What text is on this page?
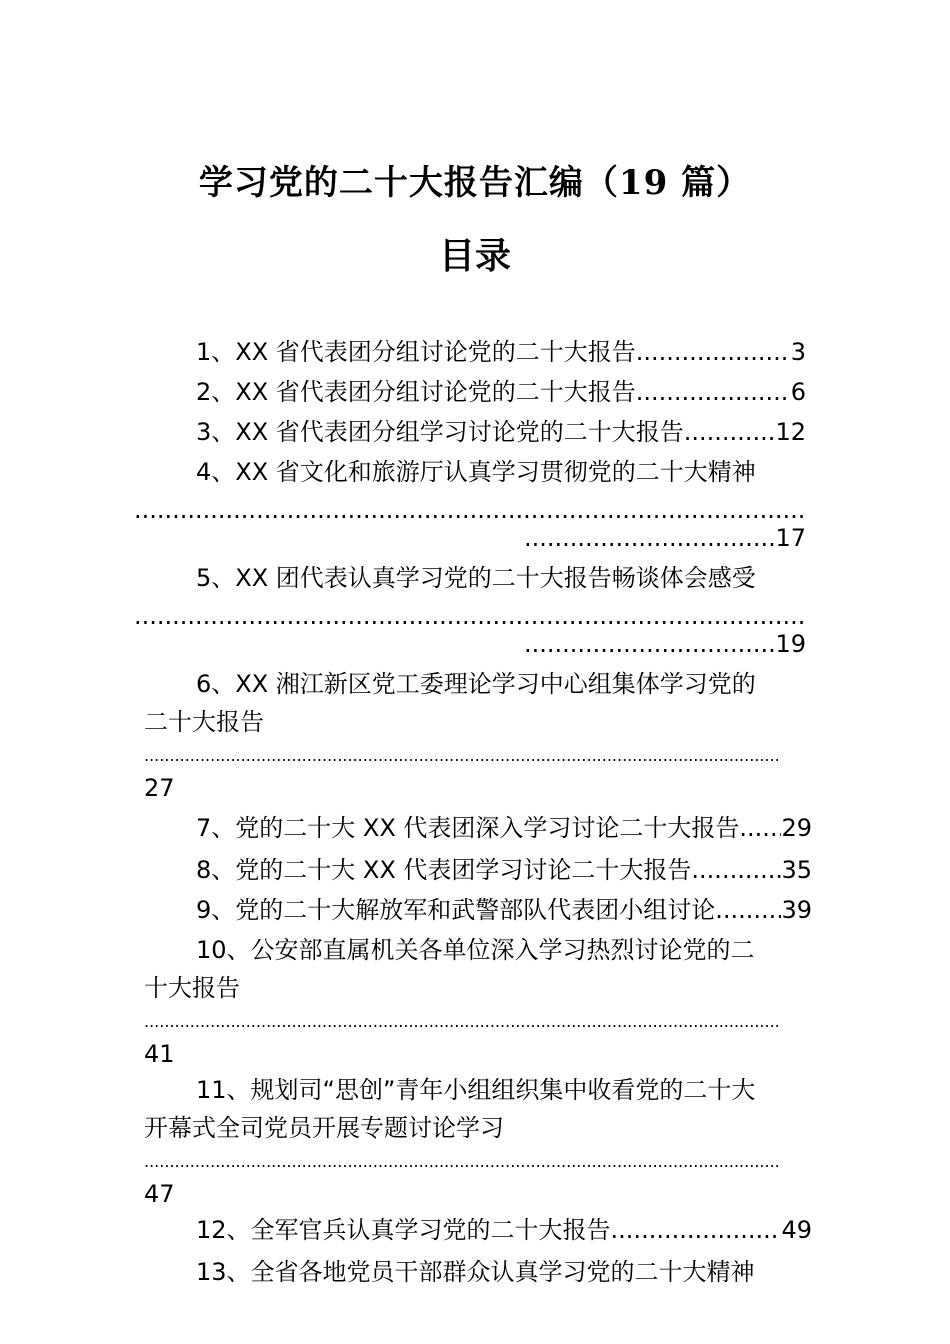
学习党的二十大报告汇编（19 篇）
目录
1、XX 省代表团分组讨论党的二十大报告 .....	3
2、XX 省代表团分组讨论党的二十大报告 .....	6
3、XX 省代表团分组学习讨论党的二十大报告 .....	12
4、XX 省文化和旅游厅认真学习贯彻党的二十大精神
.....
.....
17
5、XX 团代表认真学习党的二十大报告畅谈体会感受
.....
.....
19
6、XX 湘江新区党工委理论学习中心组集体学习党的
二十大报告
.....
27
7、党的二十大 XX 代表团深入学习讨论二十大报告 ..... 29
8、党的二十大 XX 代表团学习讨论二十大报告 .....	35
9、党的二十大解放军和武警部队代表团小组讨论 .....	39
10、公安部直属机关各单位深入学习热烈讨论党的二
十大报告
.....
41
11、规划司“思创”青年小组组织集中收看党的二十大
开幕式全司党员开展专题讨论学习
.....
47
12、全军官兵认真学习党的二十大报告 .....	49
13、全省各地党员干部群众认真学习党的二十大精神
